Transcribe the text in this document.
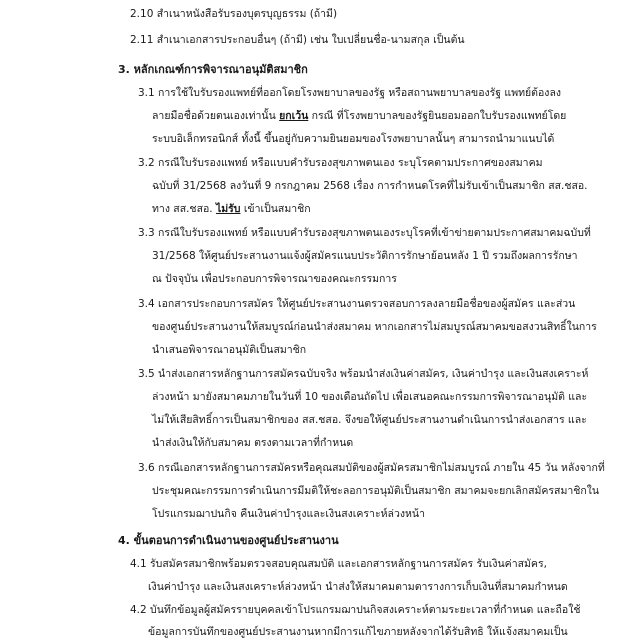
2.10 สำเนาหนังสือรับรองบุตรบุญธรรม (ถ้ามี)
2.11 สำเนาเอกสารประกอบอื่นๆ (ถ้ามี) เช่น ใบเปลี่ยนชื่อ-นามสกุล เป็นต้น
3. หลักเกณฑ์การพิจารณาอนุมัติสมาชิก
3.1 การใช้ใบรับรองแพทย์ที่ออกโดยโรงพยาบาลของรัฐ หรือสถานพยาบาลของรัฐ แพทย์ต้องลง
ลายมือชื่อด้วยตนเองเท่านั้น ยกเว้น กรณี ที่โรงพยาบาลของรัฐยินยอมออกใบรับรองแพทย์โดย
ระบบอิเล็กทรอนิกส์ ทั้งนี้ ขึ้นอยู่กับความยินยอมของโรงพยาบาลนั้นๆ สามารถนำมาแนบได้
3.2 กรณีใบรับรองแพทย์ หรือแบบคำรับรองสุขภาพตนเอง ระบุโรคตามประกาศของสมาคม
ฉบับที่ 31/2568 ลงวันที่ 9 กรกฎาคม 2568 เรื่อง การกำหนดโรคที่ไม่รับเข้าเป็นสมาชิก สส.ชสอ.
ทาง สส.ชสอ. ไม่รับ เข้าเป็นสมาชิก
3.3 กรณีใบรับรองแพทย์ หรือแบบคำรับรองสุขภาพตนเองระบุโรคที่เข้าข่ายตามประกาศสมาคมฉบับที่
31/2568 ให้ศูนย์ประสานงานแจ้งผู้สมัครแนบประวัติการรักษาย้อนหลัง 1 ปี รวมถึงผลการรักษา
ณ ปัจจุบัน เพื่อประกอบการพิจารณาของคณะกรรมการ
3.4 เอกสารประกอบการสมัคร ให้ศูนย์ประสานงานตรวจสอบการลงลายมือชื่อของผู้สมัคร และส่วน
ของศูนย์ประสานงานให้สมบูรณ์ก่อนนำส่งสมาคม หากเอกสารไม่สมบูรณ์สมาคมขอสงวนสิทธิ์ในการ
นำเสนอพิจารณาอนุมัติเป็นสมาชิก
3.5 นำส่งเอกสารหลักฐานการสมัครฉบับจริง พร้อมนำส่งเงินค่าสมัคร, เงินค่าบำรุง และเงินสงเคราะห์
ล่วงหน้า มายังสมาคมภายในวันที่ 10 ของเดือนถัดไป เพื่อเสนอคณะกรรมการพิจารณาอนุมัติ และ
ไม่ให้เสียสิทธิ์การเป็นสมาชิกของ สส.ชสอ. จึงขอให้ศูนย์ประสานงานดำเนินการนำส่งเอกสาร และ
นำส่งเงินให้กับสมาคม ตรงตามเวลาที่กำหนด
3.6 กรณีเอกสารหลักฐานการสมัครหรือคุณสมบัติของผู้สมัครสมาชิกไม่สมบูรณ์ ภายใน 45 วัน หลังจากที่
ประชุมคณะกรรมการดำเนินการมีมติให้ชะลอการอนุมัติเป็นสมาชิก สมาคมจะยกเลิกสมัครสมาชิกใน
โปรแกรมฌาปนกิจ คืนเงินค่าบำรุงและเงินสงเคราะห์ล่วงหน้า
4. ขั้นตอนการดำเนินงานของศูนย์ประสานงาน
4.1 รับสมัครสมาชิกพร้อมตรวจสอบคุณสมบัติ และเอกสารหลักฐานการสมัคร รับเงินค่าสมัคร,
เงินค่าบำรุง และเงินสงเคราะห์ล่วงหน้า นำส่งให้สมาคมตามตารางการเก็บเงินที่สมาคมกำหนด
4.2 บันทึกข้อมูลผู้สมัครรายบุคคลเข้าโปรแกรมฌาปนกิจสงเคราะห์ตามระยะเวลาที่กำหนด และถือใช้
ข้อมูลการบันทึกของศูนย์ประสานงานหากมีการแก้ไขภายหลังจากได้รับสิทธิ ให้แจ้งสมาคมเป็น
